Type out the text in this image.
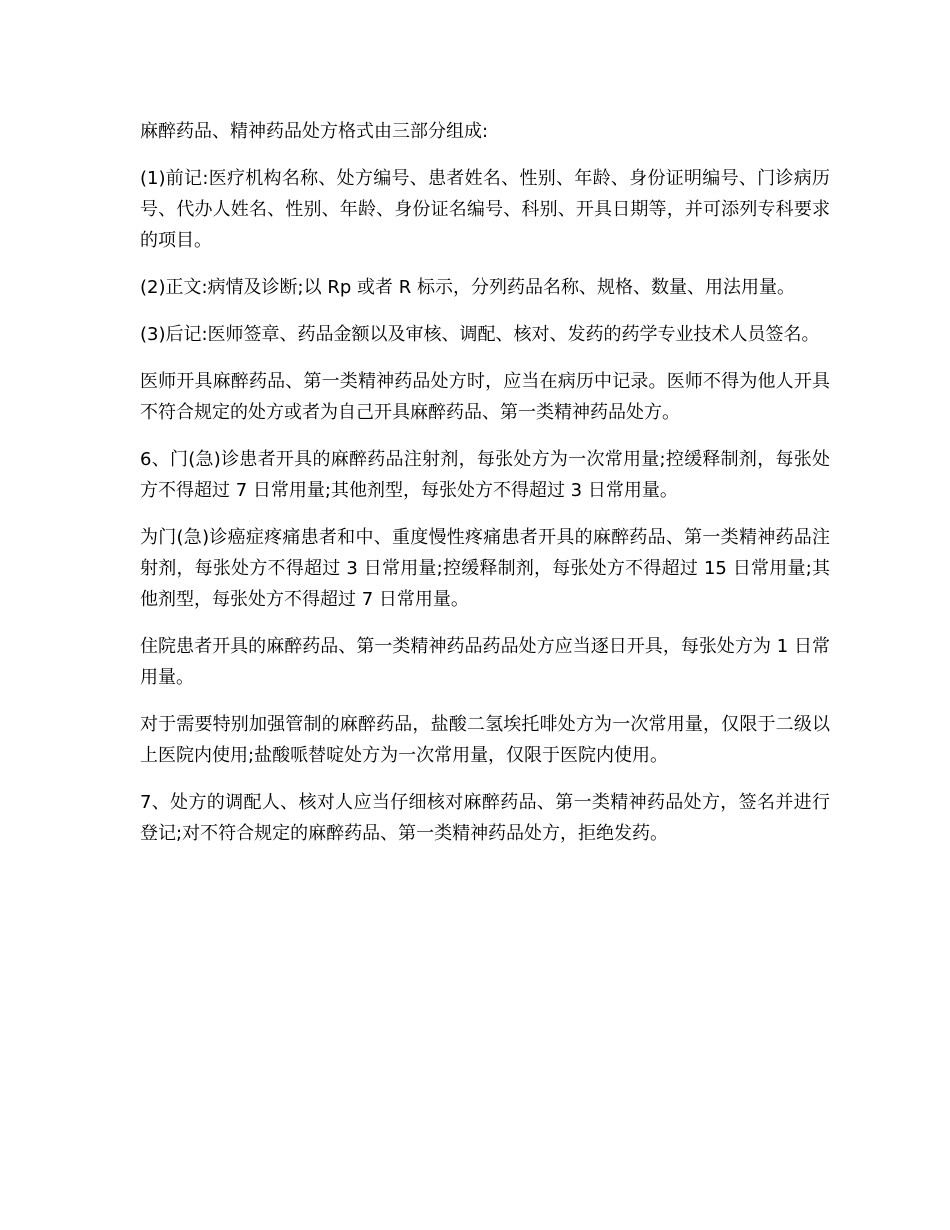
麻醉药品、精神药品处方格式由三部分组成:

(1)前记:医疗机构名称、处方编号、患者姓名、性别、年龄、身份证明编号、门诊病历号、代办人姓名、性别、年龄、身份证名编号、科别、开具日期等，并可添列专科要求的项目。

(2)正文:病情及诊断;以 Rp 或者 R 标示，分列药品名称、规格、数量、用法用量。

(3)后记:医师签章、药品金额以及审核、调配、核对、发药的药学专业技术人员签名。

医师开具麻醉药品、第一类精神药品处方时，应当在病历中记录。医师不得为他人开具不符合规定的处方或者为自己开具麻醉药品、第一类精神药品处方。

6、门(急)诊患者开具的麻醉药品注射剂，每张处方为一次常用量;控缓释制剂，每张处方不得超过 7 日常用量;其他剂型，每张处方不得超过 3 日常用量。

为门(急)诊癌症疼痛患者和中、重度慢性疼痛患者开具的麻醉药品、第一类精神药品注射剂，每张处方不得超过 3 日常用量;控缓释制剂，每张处方不得超过 15 日常用量;其他剂型，每张处方不得超过 7 日常用量。

住院患者开具的麻醉药品、第一类精神药品药品处方应当逐日开具，每张处方为 1 日常用量。

对于需要特别加强管制的麻醉药品，盐酸二氢埃托啡处方为一次常用量，仅限于二级以上医院内使用;盐酸哌替啶处方为一次常用量，仅限于医院内使用。

7、处方的调配人、核对人应当仔细核对麻醉药品、第一类精神药品处方，签名并进行登记;对不符合规定的麻醉药品、第一类精神药品处方，拒绝发药。
